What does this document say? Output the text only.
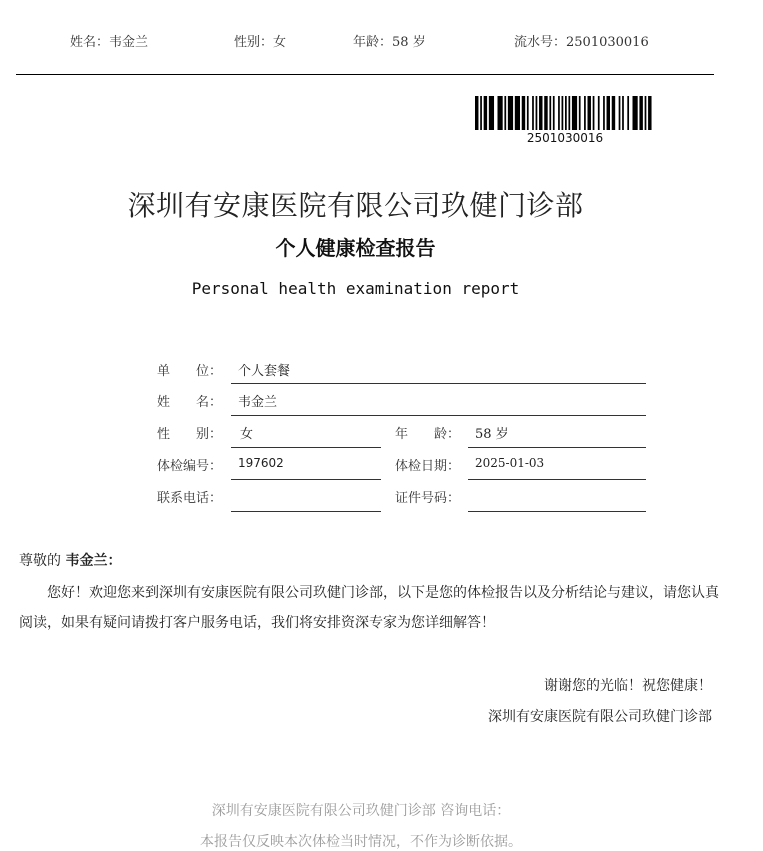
姓名：韦金兰	性别：女	年龄：58 岁	流水号：2501030016
2501030016
深圳有安康医院有限公司玖健门诊部
个人健康检查报告
Personal health examination report
单　　位： 个人套餐
姓　　名： 韦金兰
性　　别： 女	年　　龄： 58 岁
体检编号： 197602	体检日期： 2025-01-03
联系电话：	证件号码：
尊敬的 韦金兰：
　　您好！欢迎您来到深圳有安康医院有限公司玖健门诊部，以下是您的体检报告以及分析结论与建议，请您认真阅读，如果有疑问请拨打客户服务电话，我们将安排资深专家为您详细解答！
谢谢您的光临！祝您健康！
深圳有安康医院有限公司玖健门诊部
深圳有安康医院有限公司玖健门诊部 咨询电话：
本报告仅反映本次体检当时情况，不作为诊断依据。
